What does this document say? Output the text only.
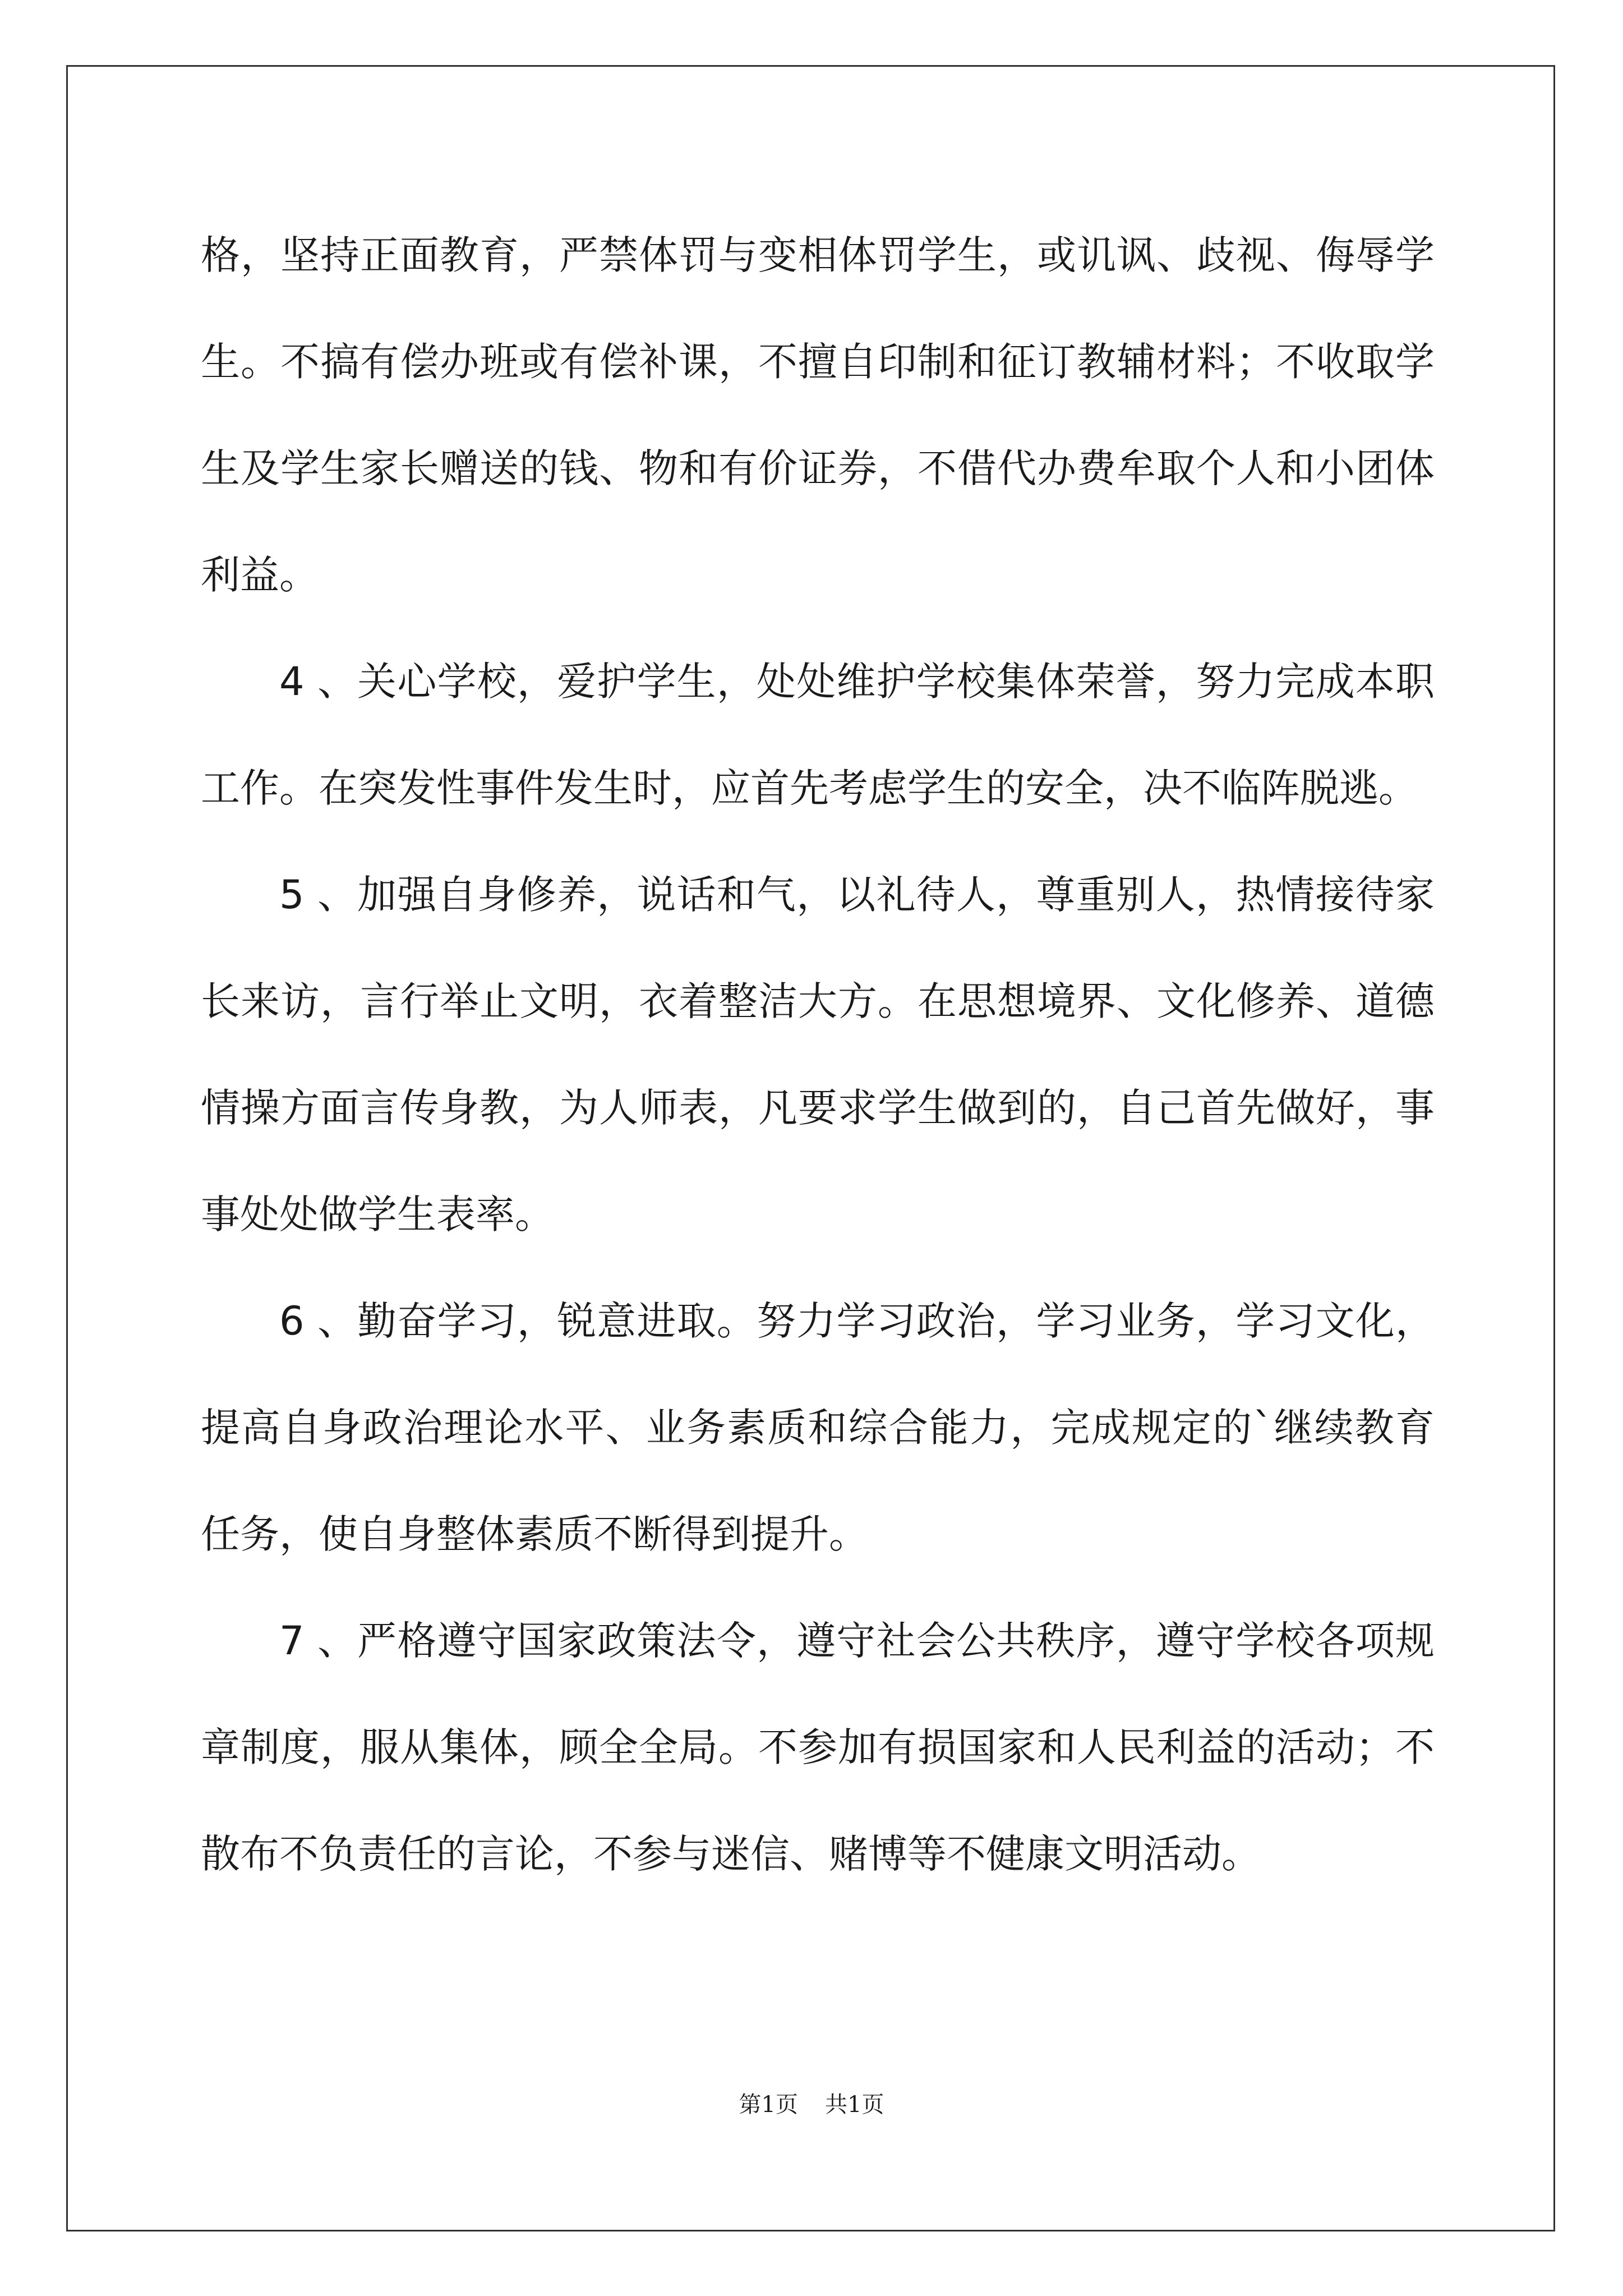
格，坚持正面教育，严禁体罚与变相体罚学生，或讥讽、歧视、侮辱学生。不搞有偿办班或有偿补课，不擅自印制和征订教辅材料；不收取学生及学生家长赠送的钱、物和有价证券，不借代办费牟取个人和小团体利益。

4 、关心学校，爱护学生，处处维护学校集体荣誉，努力完成本职工作。在突发性事件发生时，应首先考虑学生的安全，决不临阵脱逃。

5 、加强自身修养，说话和气，以礼待人，尊重别人，热情接待家长来访，言行举止文明，衣着整洁大方。在思想境界、文化修养、道德情操方面言传身教，为人师表，凡要求学生做到的，自己首先做好，事事处处做学生表率。

6 、勤奋学习，锐意进取。努力学习政治，学习业务，学习文化，提高自身政治理论水平、业务素质和综合能力，完成规定的`继续教育任务，使自身整体素质不断得到提升。

7 、严格遵守国家政策法令，遵守社会公共秩序，遵守学校各项规章制度，服从集体，顾全全局。不参加有损国家和人民利益的活动；不散布不负责任的言论，不参与迷信、赌博等不健康文明活动。

第1页 共1页
